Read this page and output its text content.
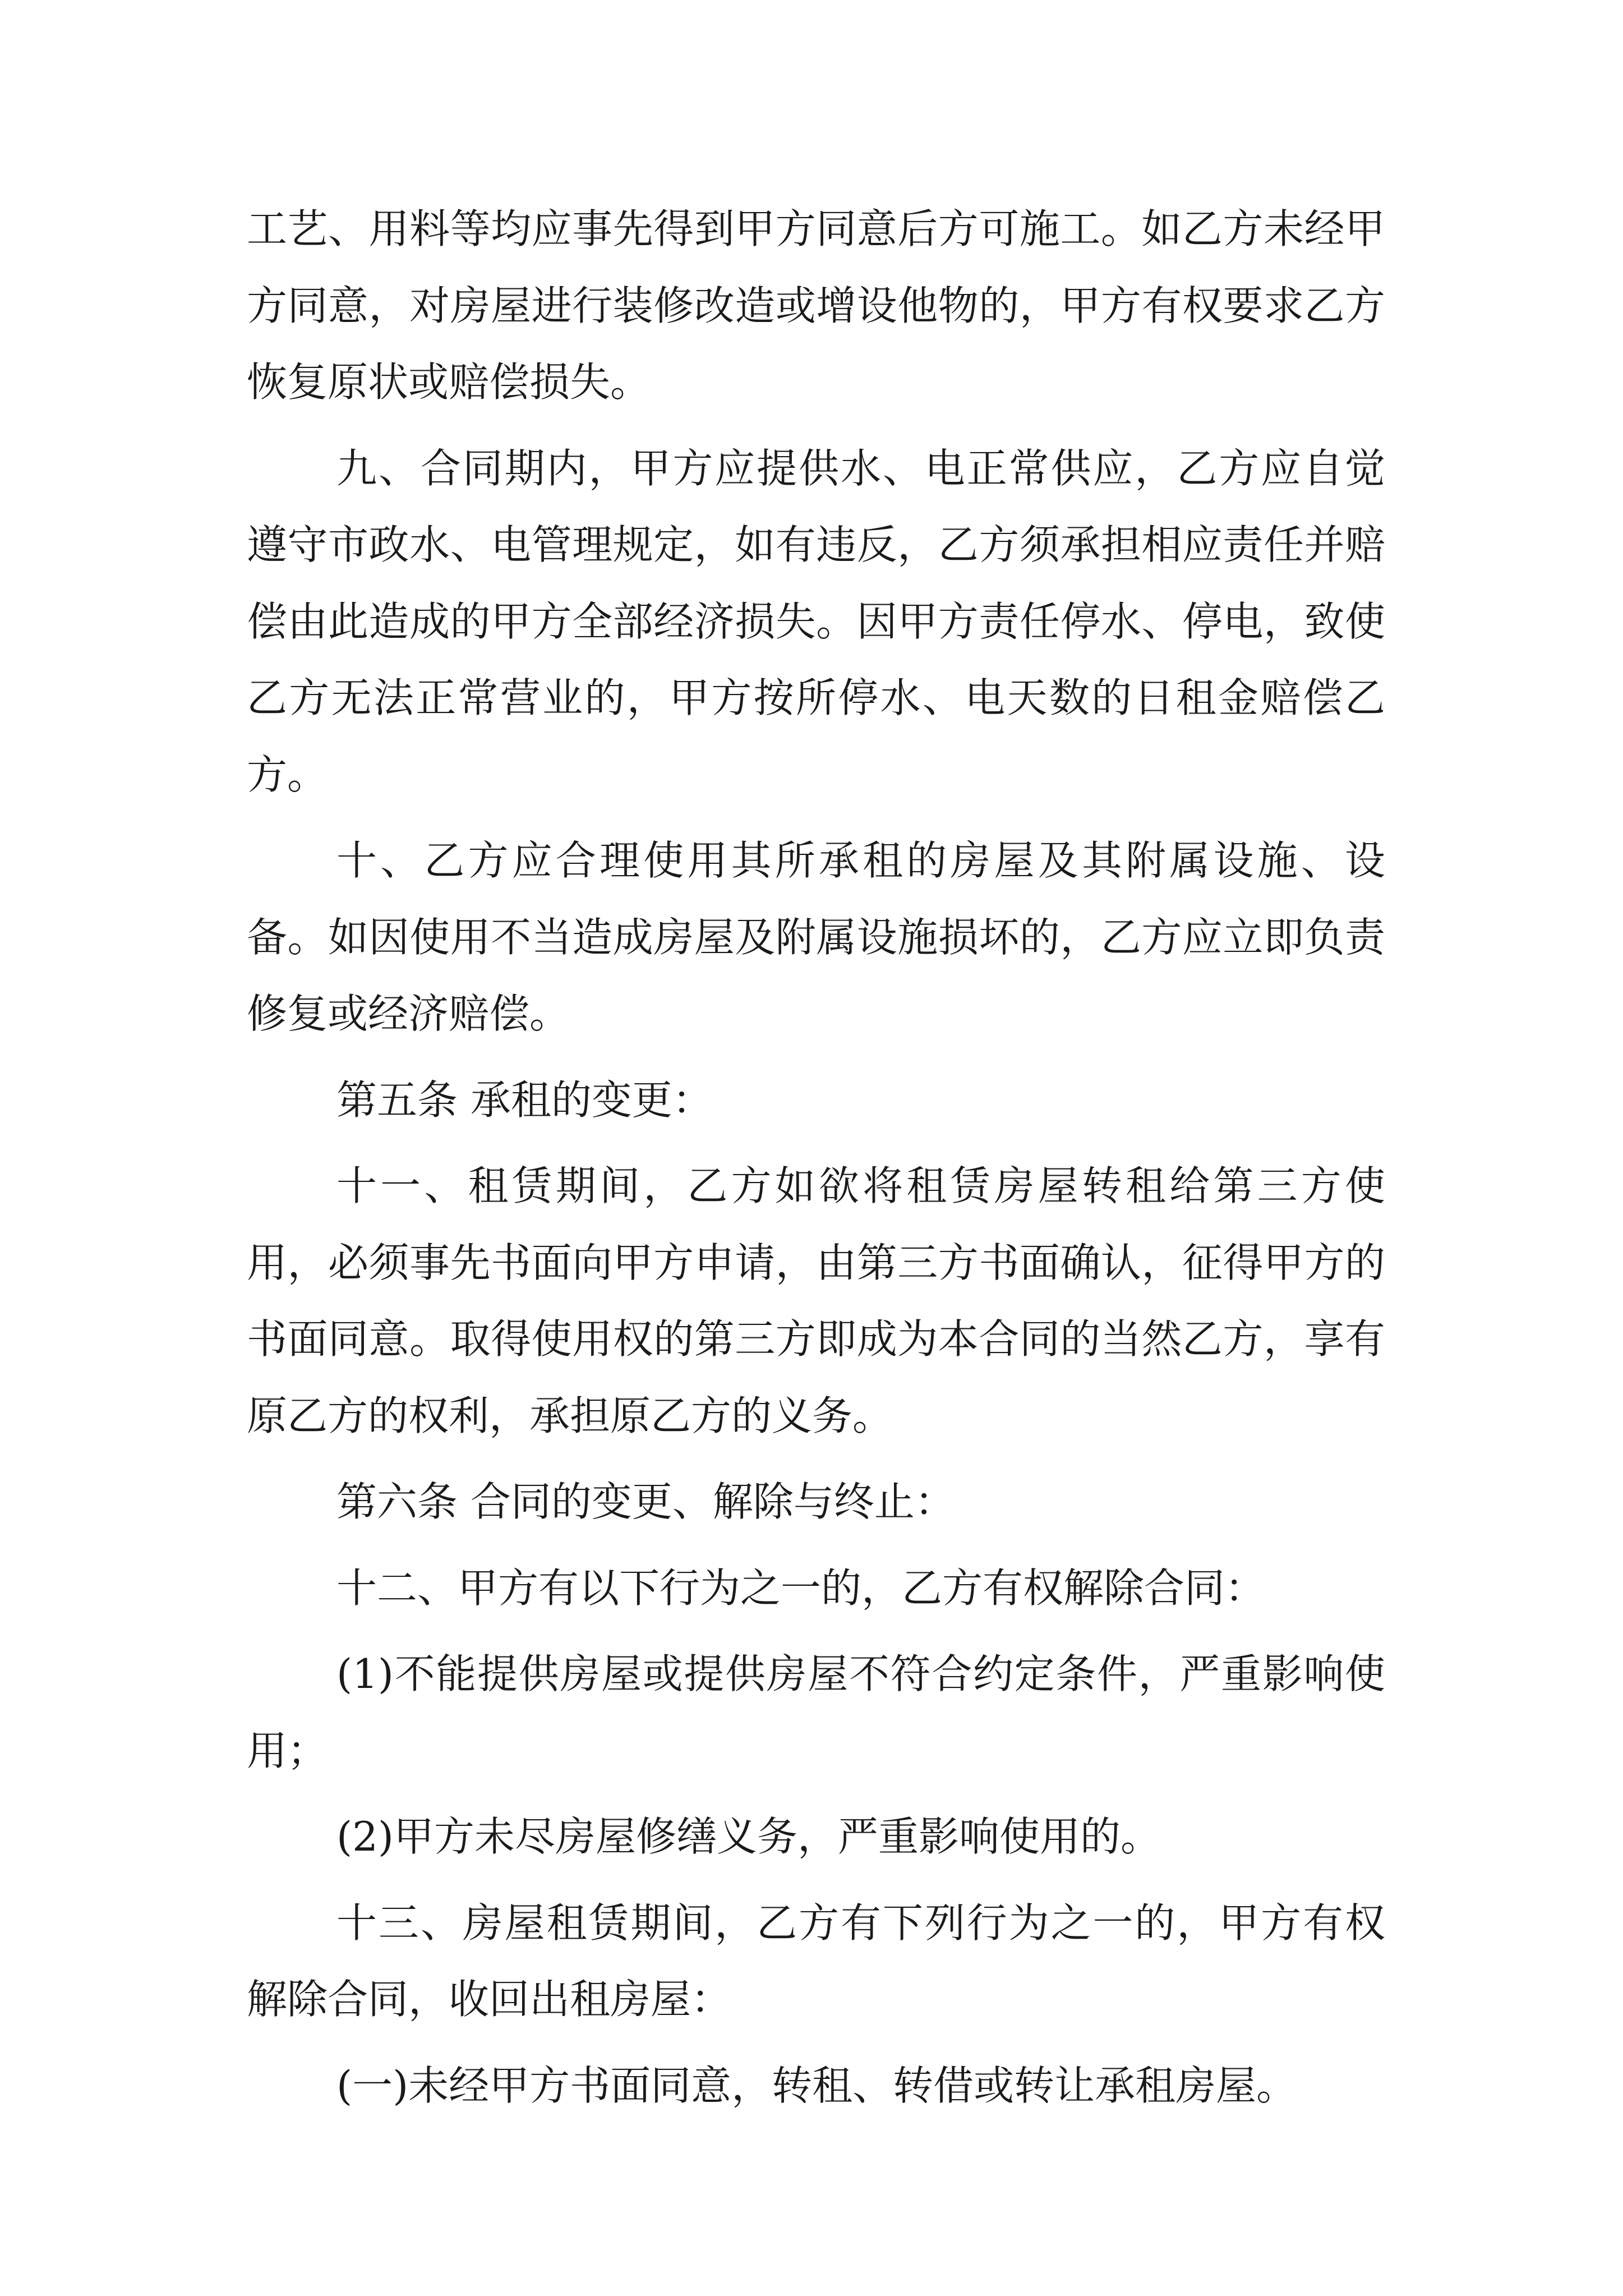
工艺、用料等均应事先得到甲方同意后方可施工。如乙方未经甲方同意，对房屋进行装修改造或增设他物的，甲方有权要求乙方恢复原状或赔偿损失。

九、合同期内，甲方应提供水、电正常供应，乙方应自觉遵守市政水、电管理规定，如有违反，乙方须承担相应责任并赔偿由此造成的甲方全部经济损失。因甲方责任停水、停电，致使乙方无法正常营业的，甲方按所停水、电天数的日租金赔偿乙方。

十、乙方应合理使用其所承租的房屋及其附属设施、设备。如因使用不当造成房屋及附属设施损坏的，乙方应立即负责修复或经济赔偿。

第五条 承租的变更：

十一、租赁期间，乙方如欲将租赁房屋转租给第三方使用，必须事先书面向甲方申请，由第三方书面确认，征得甲方的书面同意。取得使用权的第三方即成为本合同的当然乙方，享有原乙方的权利，承担原乙方的义务。

第六条 合同的变更、解除与终止：

十二、甲方有以下行为之一的，乙方有权解除合同：

(1)不能提供房屋或提供房屋不符合约定条件，严重影响使用；

(2)甲方未尽房屋修缮义务，严重影响使用的。

十三、房屋租赁期间，乙方有下列行为之一的，甲方有权解除合同，收回出租房屋：

(一)未经甲方书面同意，转租、转借或转让承租房屋。
